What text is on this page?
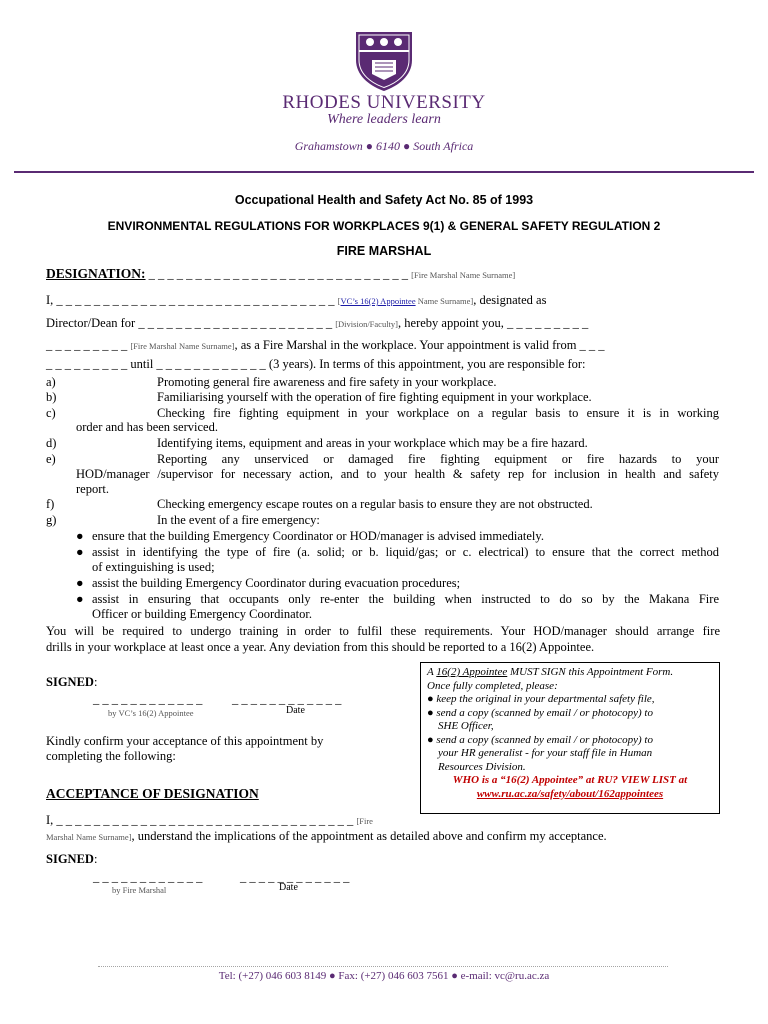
RHODES UNIVERSITY
Where leaders learn
Grahamstown ● 6140 ● South Africa
Occupational Health and Safety Act No. 85 of 1993
ENVIRONMENTAL REGULATIONS FOR WORKPLACES 9(1) & GENERAL SAFETY REGULATION 2
FIRE MARSHAL
DESIGNATION: _ _ _ _ _ _ _ _ _ _ _ _ _ _ _ _ _ _ _ _ _ _ _ _ _ _ _ _ [Fire Marshal Name Surname]
I, _ _ _ _ _ _ _ _ _ _ _ _ _ _ _ _ _ _ _ _ _ _ _ _ _ _ _ _ _ _ [VC’s 16(2) Appointee Name Surname], designated as
Director/Dean for _ _ _ _ _ _ _ _ _ _ _ _ _ _ _ _ _ _ _ _ _ [Division/Faculty], hereby appoint you, _ _ _ _ _ _ _ _ _
_ _ _ _ _ _ _ _ _ [Fire Marshal Name Surname], as a Fire Marshal in the workplace. Your appointment is valid from _ _ _
_ _ _ _ _ _ _ _ _ until _ _ _ _ _ _ _ _ _ _ _ _ (3 years). In terms of this appointment, you are responsible for:
a)	Promoting general fire awareness and fire safety in your workplace.
b)	Familiarising yourself with the operation of fire fighting equipment in your workplace.
c)	Checking fire fighting equipment in your workplace on a regular basis to ensure it is in working
order and has been serviced.
d)	Identifying items, equipment and areas in your workplace which may be a fire hazard.
e)	Reporting any unserviced or damaged fire fighting equipment or fire hazards to your
HOD/manager /supervisor for necessary action, and to your health & safety rep for inclusion in health and safety
report.
f)	Checking emergency escape routes on a regular basis to ensure they are not obstructed.
g)	In the event of a fire emergency:
● ensure that the building Emergency Coordinator or HOD/manager is advised immediately.
● assist in identifying the type of fire (a. solid; or b. liquid/gas; or c. electrical) to ensure that the correct method
of extinguishing is used;
● assist the building Emergency Coordinator during evacuation procedures;
● assist in ensuring that occupants only re-enter the building when instructed to do so by the Makana Fire
Officer or building Emergency Coordinator.
You will be required to undergo training in order to fulfil these requirements. Your HOD/manager should arrange fire
drills in your workplace at least once a year. Any deviation from this should be reported to a 16(2) Appointee.
SIGNED:
_ _ _ _ _ _ _ _ _ _ _ _ _ _ _ _ _ _ _ _ _ _ _ _
by VC’s 16(2) Appointee	Date
Kindly confirm your acceptance of this appointment by
completing the following:
A 16(2) Appointee MUST SIGN this Appointment Form.
Once fully completed, please:
● keep the original in your departmental safety file,
● send a copy (scanned by email / or photocopy) to
SHE Officer,
● send a copy (scanned by email / or photocopy) to
your HR generalist - for your staff file in Human
Resources Division.
WHO is a “16(2) Appointee” at RU? VIEW LIST at
www.ru.ac.za/safety/about/162appointees
ACCEPTANCE OF DESIGNATION
I, _ _ _ _ _ _ _ _ _ _ _ _ _ _ _ _ _ _ _ _ _ _ _ _ _ _ _ _ _ _ _ _ [Fire
Marshal Name Surname], understand the implications of the appointment as detailed above and confirm my acceptance.
SIGNED:
_ _ _ _ _ _ _ _ _ _ _ _	_ _ _ _ _ _ _ _ _ _ _ _
by Fire Marshal	Date
Tel: (+27) 046 603 8149 ● Fax: (+27) 046 603 7561 ● e-mail: vc@ru.ac.za
